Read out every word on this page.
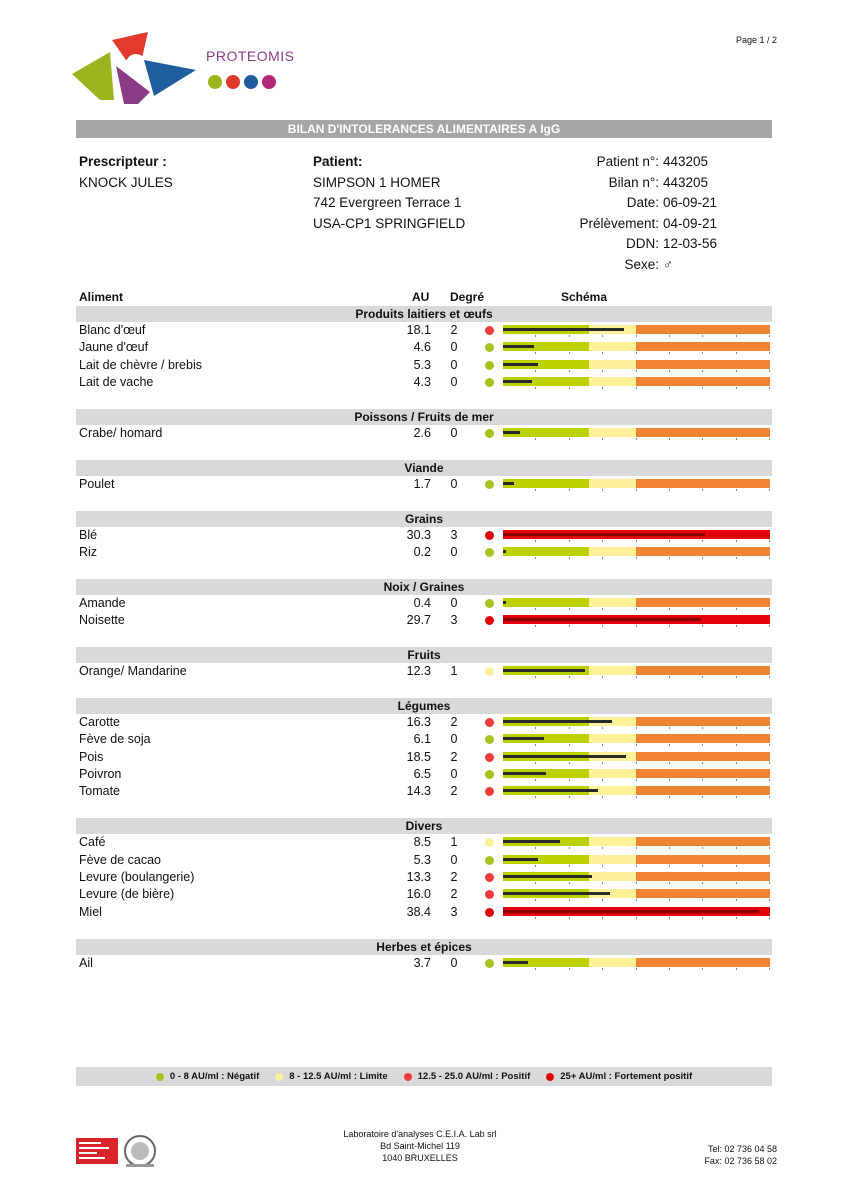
Page 1 / 2
PROTEOMIS
BILAN D'INTOLERANCES ALIMENTAIRES A IgG
Prescripteur :
KNOCK JULES
Patient:
SIMPSON 1 HOMER
742 Evergreen Terrace 1
USA-CP1 SPRINGFIELD
Patient n°: 443205
Bilan n°: 443205
Date: 06-09-21
Prélèvement: 04-09-21
DDN: 12-03-56
Sexe: ♂
Aliment	AU Degré	Schéma
Produits laitiers et œufs
Blanc d'œuf	18.1	2
Jaune d'œuf	4.6	0
Lait de chèvre / brebis	5.3	0
Lait de vache	4.3	0
Poissons / Fruits de mer
Crabe/ homard	2.6	0
Viande
Poulet	1.7	0
Grains
Blé	30.3	3
Riz	0.2	0
Noix / Graines
Amande	0.4	0
Noisette	29.7	3
Fruits
Orange/ Mandarine	12.3	1
Légumes
Carotte	16.3	2
Fève de soja	6.1	0
Pois	18.5	2
Poivron	6.5	0
Tomate	14.3	2
Divers
Café	8.5	1
Fève de cacao	5.3	0
Levure (boulangerie)	13.3	2
Levure (de bière)	16.0	2
Miel	38.4	3
Herbes et épices
Ail	3.7	0
0 - 8 AU/ml : Négatif	8 - 12.5 AU/ml : Limite	12.5 - 25.0 AU/ml : Positif	25+ AU/ml : Fortement positif
Laboratoire d'analyses C.E.I.A. Lab srl
Bd Saint-Michel 119
1040 BRUXELLES
Tel: 02 736 04 58
Fax: 02 736 58 02
